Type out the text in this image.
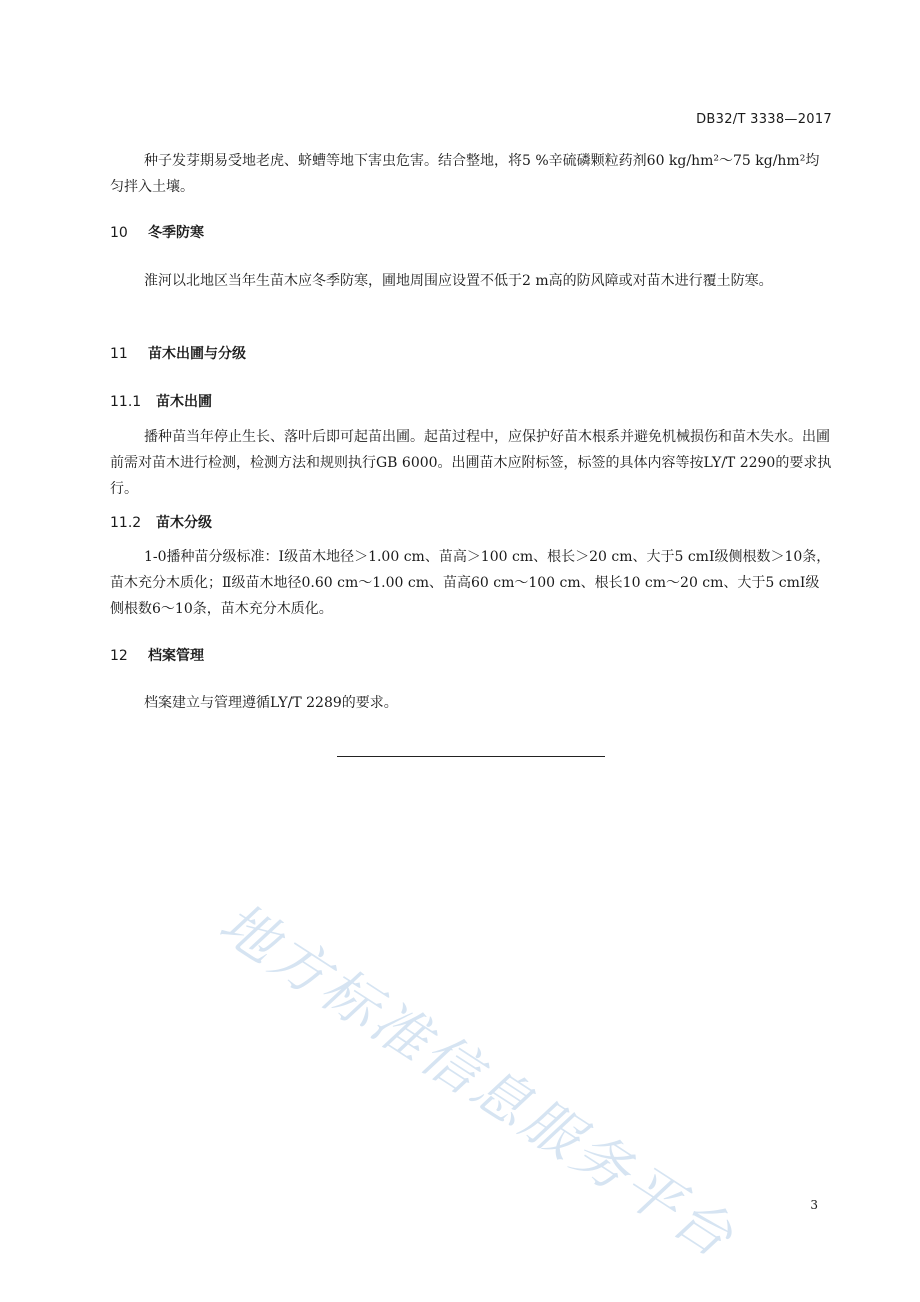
DB32/T 3338—2017

种子发芽期易受地老虎、蛴螬等地下害虫危害。结合整地，将5 %辛硫磷颗粒药剂60 kg/hm²～75 kg/hm²均匀拌入土壤。

10 冬季防寒

淮河以北地区当年生苗木应冬季防寒，圃地周围应设置不低于2 m高的防风障或对苗木进行覆土防寒。

11 苗木出圃与分级
11.1 苗木出圃

播种苗当年停止生长、落叶后即可起苗出圃。起苗过程中，应保护好苗木根系并避免机械损伤和苗木失水。出圃前需对苗木进行检测，检测方法和规则执行GB 6000。出圃苗木应附标签，标签的具体内容等按LY/T 2290的要求执行。

11.2 苗木分级

1-0播种苗分级标准：Ⅰ级苗木地径＞1.00 cm、苗高＞100 cm、根长＞20 cm、大于5 cmⅠ级侧根数＞10条，苗木充分木质化；Ⅱ级苗木地径0.60 cm～1.00 cm、苗高60 cm～100 cm、根长10 cm～20 cm、大于5 cmⅠ级侧根数6～10条，苗木充分木质化。

12 档案管理

档案建立与管理遵循LY/T 2289的要求。

地方标准信息服务平台	3
